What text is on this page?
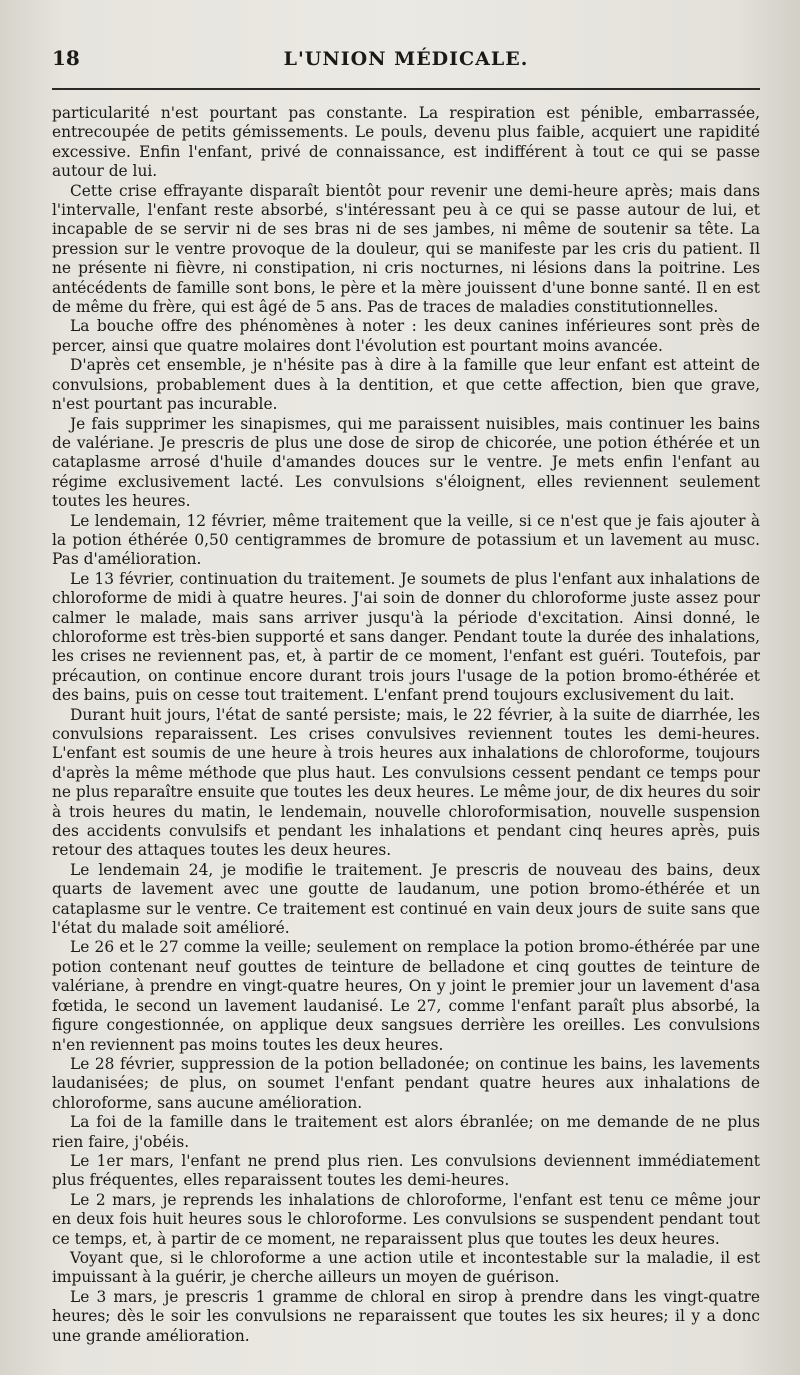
18	L'UNION MÉDICALE.

particularité n'est pourtant pas constante. La respiration est pénible, embarrassée, entrecoupée de petits gémissements. Le pouls, devenu plus faible, acquiert une rapidité excessive. Enfin l'enfant, privé de connaissance, est indifférent à tout ce qui se passe autour de lui.

Cette crise effrayante disparaît bientôt pour revenir une demi-heure après; mais dans l'intervalle, l'enfant reste absorbé, s'intéressant peu à ce qui se passe autour de lui, et incapable de se servir ni de ses bras ni de ses jambes, ni même de soutenir sa tête. La pression sur le ventre provoque de la douleur, qui se manifeste par les cris du patient. Il ne présente ni fièvre, ni constipation, ni cris nocturnes, ni lésions dans la poitrine. Les antécédents de famille sont bons, le père et la mère jouissent d'une bonne santé. Il en est de même du frère, qui est âgé de 5 ans. Pas de traces de maladies constitutionnelles.

La bouche offre des phénomènes à noter : les deux canines inférieures sont près de percer, ainsi que quatre molaires dont l'évolution est pourtant moins avancée.

D'après cet ensemble, je n'hésite pas à dire à la famille que leur enfant est atteint de convulsions, probablement dues à la dentition, et que cette affection, bien que grave, n'est pourtant pas incurable.

Je fais supprimer les sinapismes, qui me paraissent nuisibles, mais continuer les bains de valériane. Je prescris de plus une dose de sirop de chicorée, une potion éthérée et un cataplasme arrosé d'huile d'amandes douces sur le ventre. Je mets enfin l'enfant au régime exclusivement lacté. Les convulsions s'éloignent, elles reviennent seulement toutes les heures.

Le lendemain, 12 février, même traitement que la veille, si ce n'est que je fais ajouter à la potion éthérée 0,50 centigrammes de bromure de potassium et un lavement au musc. Pas d'amélioration.

Le 13 février, continuation du traitement. Je soumets de plus l'enfant aux inhalations de chloroforme de midi à quatre heures. J'ai soin de donner du chloroforme juste assez pour calmer le malade, mais sans arriver jusqu'à la période d'excitation. Ainsi donné, le chloroforme est très-bien supporté et sans danger. Pendant toute la durée des inhalations, les crises ne reviennent pas, et, à partir de ce moment, l'enfant est guéri. Toutefois, par précaution, on continue encore durant trois jours l'usage de la potion bromo-éthérée et des bains, puis on cesse tout traitement. L'enfant prend toujours exclusivement du lait.

Durant huit jours, l'état de santé persiste; mais, le 22 février, à la suite de diarrhée, les convulsions reparaissent. Les crises convulsives reviennent toutes les demi-heures. L'enfant est soumis de une heure à trois heures aux inhalations de chloroforme, toujours d'après la même méthode que plus haut. Les convulsions cessent pendant ce temps pour ne plus reparaître ensuite que toutes les deux heures. Le même jour, de dix heures du soir à trois heures du matin, le lendemain, nouvelle chloroformisation, nouvelle suspension des accidents convulsifs et pendant les inhalations et pendant cinq heures après, puis retour des attaques toutes les deux heures.

Le lendemain 24, je modifie le traitement. Je prescris de nouveau des bains, deux quarts de lavement avec une goutte de laudanum, une potion bromo-éthérée et un cataplasme sur le ventre. Ce traitement est continué en vain deux jours de suite sans que l'état du malade soit amélioré.

Le 26 et le 27 comme la veille; seulement on remplace la potion bromo-éthérée par une potion contenant neuf gouttes de teinture de belladone et cinq gouttes de teinture de valériane, à prendre en vingt-quatre heures, On y joint le premier jour un lavement d'asa fœtida, le second un lavement laudanisé. Le 27, comme l'enfant paraît plus absorbé, la figure congestionnée, on applique deux sangsues derrière les oreilles. Les convulsions n'en reviennent pas moins toutes les deux heures.

Le 28 février, suppression de la potion belladonée; on continue les bains, les lavements laudanisées; de plus, on soumet l'enfant pendant quatre heures aux inhalations de chloroforme, sans aucune amélioration.

La foi de la famille dans le traitement est alors ébranlée; on me demande de ne plus rien faire, j'obéis.

Le 1er mars, l'enfant ne prend plus rien. Les convulsions deviennent immédiatement plus fréquentes, elles reparaissent toutes les demi-heures.

Le 2 mars, je reprends les inhalations de chloroforme, l'enfant est tenu ce même jour en deux fois huit heures sous le chloroforme. Les convulsions se suspendent pendant tout ce temps, et, à partir de ce moment, ne reparaissent plus que toutes les deux heures.

Voyant que, si le chloroforme a une action utile et incontestable sur la maladie, il est impuissant à la guérir, je cherche ailleurs un moyen de guérison.

Le 3 mars, je prescris 1 gramme de chloral en sirop à prendre dans les vingt-quatre heures; dès le soir les convulsions ne reparaissent que toutes les six heures; il y a donc une grande amélioration.
